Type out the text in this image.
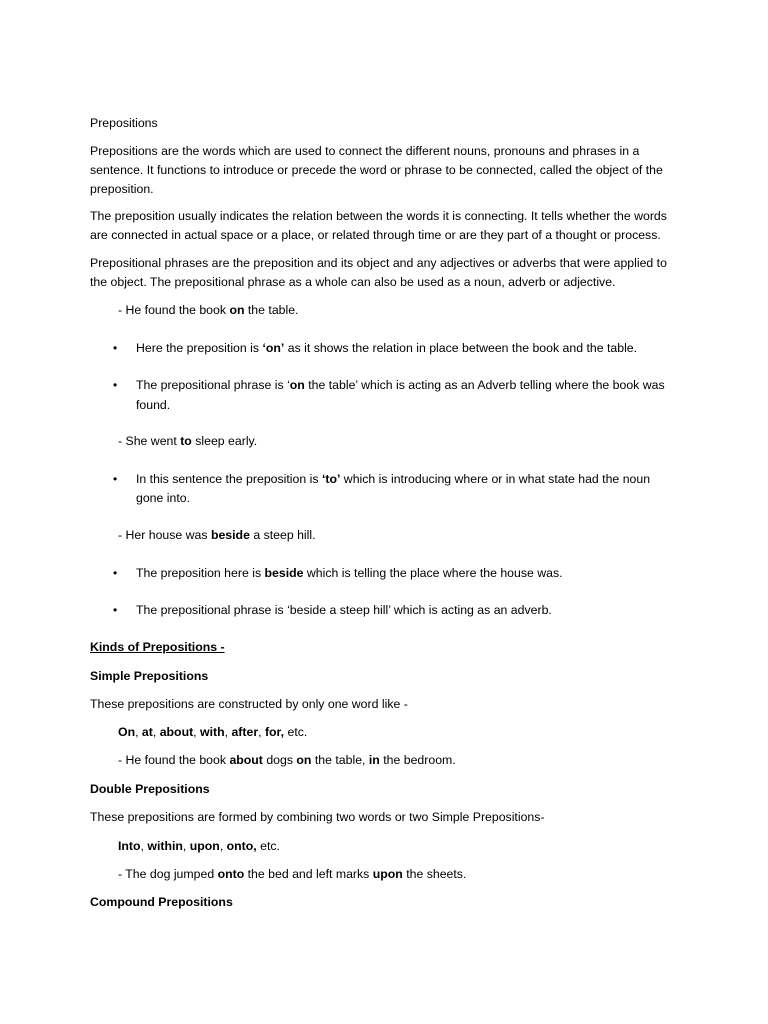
Prepositions
Prepositions are the words which are used to connect the different nouns, pronouns and phrases in a
sentence. It functions to introduce or precede the word or phrase to be connected, called the object of the
preposition.
The preposition usually indicates the relation between the words it is connecting. It tells whether the words
are connected in actual space or a place, or related through time or are they part of a thought or process.
Prepositional phrases are the preposition and its object and any adjectives or adverbs that were applied to
the object. The prepositional phrase as a whole can also be used as a noun, adverb or adjective.
- He found the book on the table.
• Here the preposition is ‘on’ as it shows the relation in place between the book and the table.
• The prepositional phrase is ‘on the table’ which is acting as an Adverb telling where the book was
found.
- She went to sleep early.
• In this sentence the preposition is ‘to’ which is introducing where or in what state had the noun
gone into.
- Her house was beside a steep hill.
• The preposition here is beside which is telling the place where the house was.
• The prepositional phrase is ‘beside a steep hill’ which is acting as an adverb.
Kinds of Prepositions -
Simple Prepositions
These prepositions are constructed by only one word like -
On, at, about, with, after, for, etc.
- He found the book about dogs on the table, in the bedroom.
Double Prepositions
These prepositions are formed by combining two words or two Simple Prepositions-
Into, within, upon, onto, etc.
- The dog jumped onto the bed and left marks upon the sheets.
Compound Prepositions
